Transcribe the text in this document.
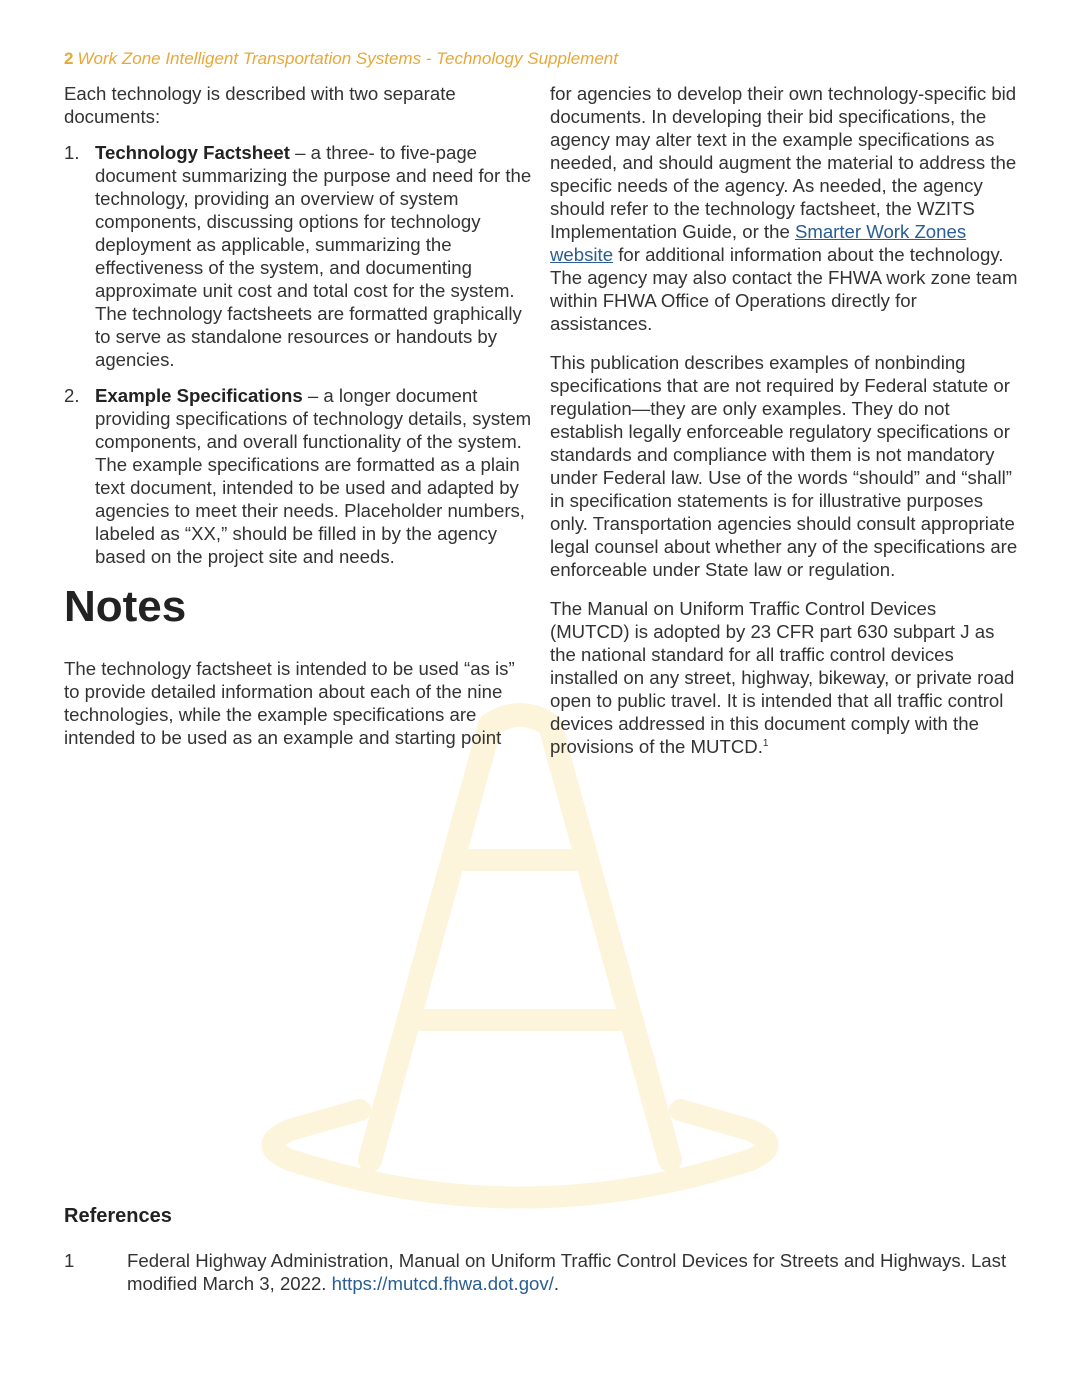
2 Work Zone Intelligent Transportation Systems - Technology Supplement

Each technology is described with two separate documents:

1. Technology Factsheet – a three- to five-page document summarizing the purpose and need for the technology, providing an overview of system components, discussing options for technology deployment as applicable, summarizing the effectiveness of the system, and documenting approximate unit cost and total cost for the system. The technology factsheets are formatted graphically to serve as standalone resources or handouts by agencies.
2. Example Specifications – a longer document providing specifications of technology details, system components, and overall functionality of the system. The example specifications are formatted as a plain text document, intended to be used and adapted by agencies to meet their needs. Placeholder numbers, labeled as “XX,” should be filled in by the agency based on the project site and needs.
Notes

The technology factsheet is intended to be used “as is” to provide detailed information about each of the nine technologies, while the example specifications are intended to be used as an example and starting point

for agencies to develop their own technology-specific bid documents. In developing their bid specifications, the agency may alter text in the example specifications as needed, and should augment the material to address the specific needs of the agency. As needed, the agency should refer to the technology factsheet, the WZITS Implementation Guide, or the Smarter Work Zones website for additional information about the technology. The agency may also contact the FHWA work zone team within FHWA Office of Operations directly for assistances.

This publication describes examples of nonbinding specifications that are not required by Federal statute or regulation—they are only examples. They do not establish legally enforceable regulatory specifications or standards and compliance with them is not mandatory under Federal law. Use of the words “should” and “shall” in specification statements is for illustrative purposes only. Transportation agencies should consult appropriate legal counsel about whether any of the specifications are enforceable under State law or regulation.

The Manual on Uniform Traffic Control Devices (MUTCD) is adopted by 23 CFR part 630 subpart J as the national standard for all traffic control devices installed on any street, highway, bikeway, or private road open to public travel. It is intended that all traffic control devices addressed in this document comply with the provisions of the MUTCD.$^1$

References
1	Federal Highway Administration, Manual on Uniform Traffic Control Devices for Streets and Highways. Last modified March 3, 2022. https://mutcd.fhwa.dot.gov/.
